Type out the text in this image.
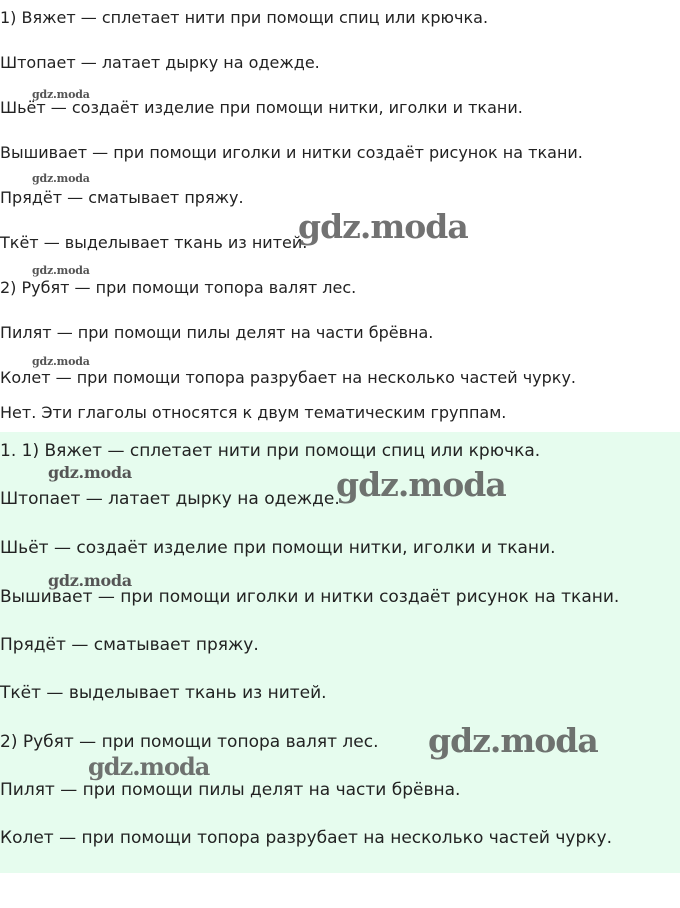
1) Вяжет — сплетает нити при помощи спиц или крючка.
Штопает — латает дырку на одежде.
Шьёт — создаёт изделие при помощи нитки, иголки и ткани.
Вышивает — при помощи иголки и нитки создаёт рисунок на ткани.
Прядёт — сматывает пряжу.
Ткёт — выделывает ткань из нитей.
2) Рубят — при помощи топора валят лес.
Пилят — при помощи пилы делят на части брёвна.
Колет — при помощи топора разрубает на несколько частей чурку.
Нет. Эти глаголы относятся к двум тематическим группам.
1. 1) Вяжет — сплетает нити при помощи спиц или крючка.
Штопает — латает дырку на одежде.
Шьёт — создаёт изделие при помощи нитки, иголки и ткани.
Вышивает — при помощи иголки и нитки создаёт рисунок на ткани.
Прядёт — сматывает пряжу.
Ткёт — выделывает ткань из нитей.
2) Рубят — при помощи топора валят лес.
Пилят — при помощи пилы делят на части брёвна.
Колет — при помощи топора разрубает на несколько частей чурку.
gdz.moda
gdz.moda
gdz.moda
gdz.moda
gdz.moda
gdz.moda	gdz.moda
gdz.moda
gdz.moda
gdz.moda
